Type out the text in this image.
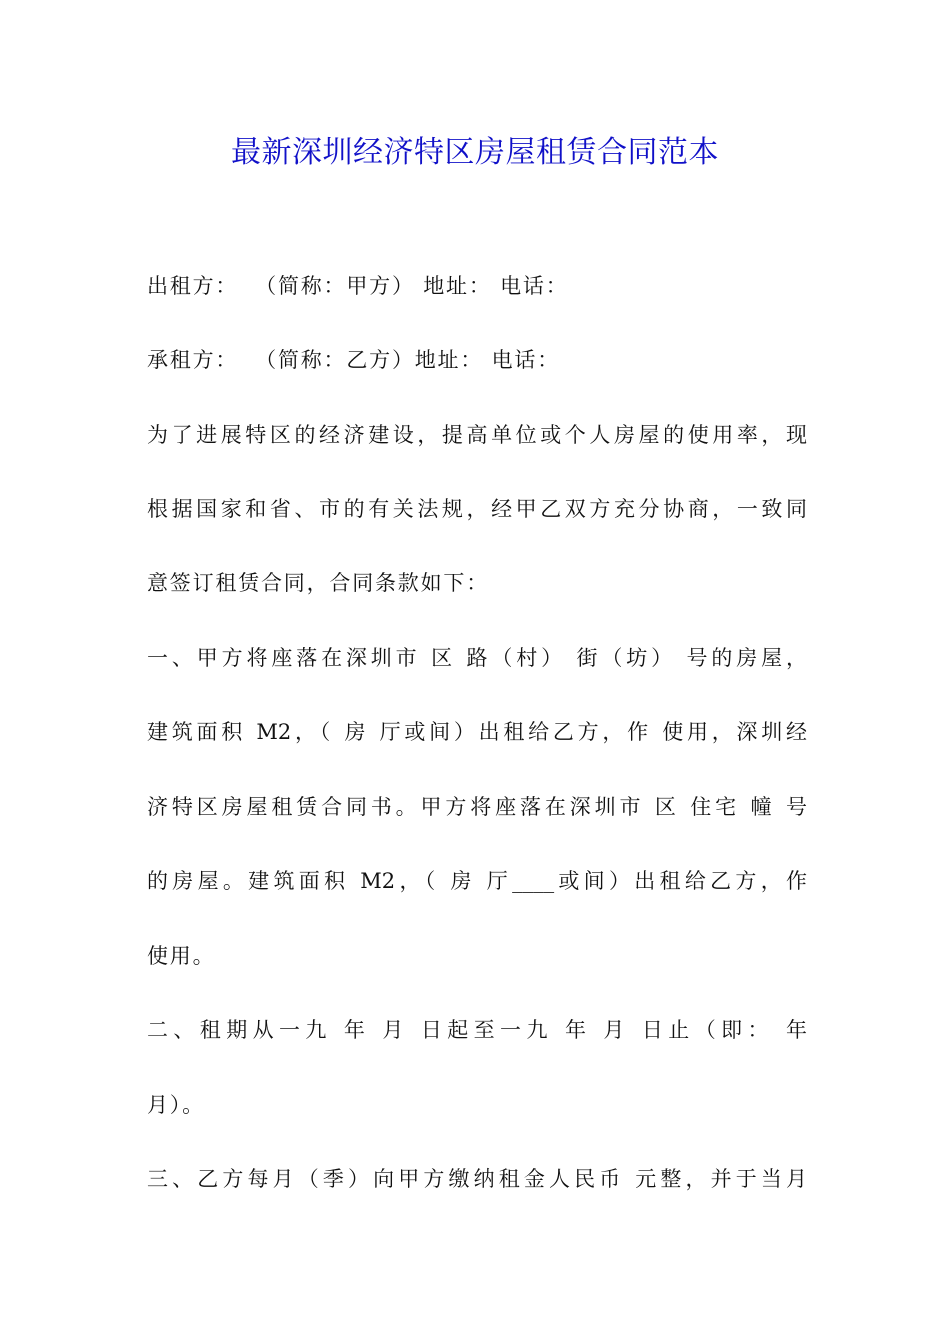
最新深圳经济特区房屋租赁合同范本
出租方：  （简称：甲方） 地址： 电话：
承租方：  （简称：乙方）地址： 电话：
为了进展特区的经济建设，提高单位或个人房屋的使用率，现
根据国家和省、市的有关法规，经甲乙双方充分协商，一致同
意签订租赁合同，合同条款如下：
一、甲方将座落在深圳市 区 路（村） 街（坊） 号的房屋，
建筑面积 M2，（ 房 厅或间）出租给乙方，作 使用，深圳经
济特区房屋租赁合同书。甲方将座落在深圳市 区 住宅 幢 号
的房屋。建筑面积 M2，（ 房 厅____或间）出租给乙方，作
使用。
二、租期从一九 年 月 日起至一九 年 月 日止（即： 年
月）。
三、乙方每月（季）向甲方缴纳租金人民币 元整，并于当月
